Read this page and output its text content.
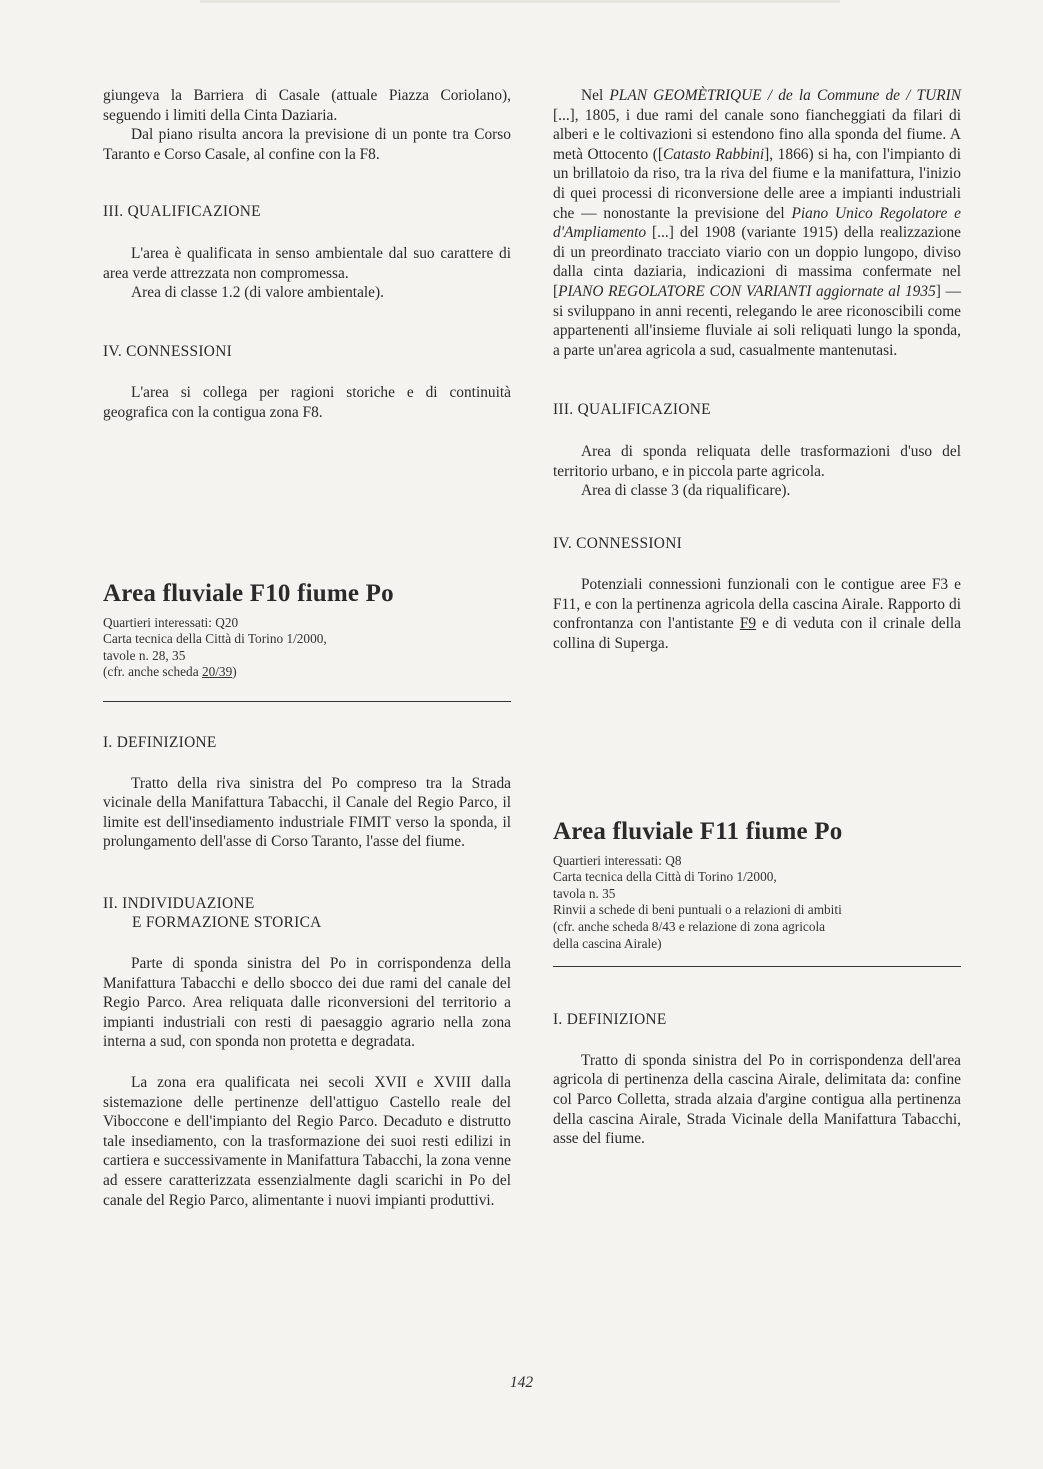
giungeva la Barriera di Casale (attuale Piazza Coriolano), seguendo i limiti della Cinta Daziaria.

Dal piano risulta ancora la previsione di un ponte tra Corso Taranto e Corso Casale, al confine con la F8.

III. QUALIFICAZIONE

L'area è qualificata in senso ambientale dal suo carattere di area verde attrezzata non compromessa.

Area di classe 1.2 (di valore ambientale).

IV. CONNESSIONI

L'area si collega per ragioni storiche e di continuità geografica con la contigua zona F8.

Area fluviale F10 fiume Po
Quartieri interessati: Q20
Carta tecnica della Città di Torino 1/2000,
tavole n. 28, 35
(cfr. anche scheda 20/39)
I. DEFINIZIONE

Tratto della riva sinistra del Po compreso tra la Strada vicinale della Manifattura Tabacchi, il Canale del Regio Parco, il limite est dell'insediamento industriale FIMIT verso la sponda, il prolungamento dell'asse di Corso Taranto, l'asse del fiume.

II. INDIVIDUAZIONE
E FORMAZIONE STORICA

Parte di sponda sinistra del Po in corrispondenza della Manifattura Tabacchi e dello sbocco dei due rami del canale del Regio Parco. Area reliquata dalle riconversioni del territorio a impianti industriali con resti di paesaggio agrario nella zona interna a sud, con sponda non protetta e degradata.

La zona era qualificata nei secoli XVII e XVIII dalla sistemazione delle pertinenze dell'attiguo Castello reale del Viboccone e dell'impianto del Regio Parco. Decaduto e distrutto tale insediamento, con la trasformazione dei suoi resti edilizi in cartiera e successivamente in Manifattura Tabacchi, la zona venne ad essere caratterizzata essenzialmente dagli scarichi in Po del canale del Regio Parco, alimentante i nuovi impianti produttivi.

Nel PLAN GEOMÈTRIQUE / de la Commune de / TURIN [...], 1805, i due rami del canale sono fiancheggiati da filari di alberi e le coltivazioni si estendono fino alla sponda del fiume. A metà Ottocento ([Catasto Rabbini], 1866) si ha, con l'impianto di un brillatoio da riso, tra la riva del fiume e la manifattura, l'inizio di quei processi di riconversione delle aree a impianti industriali che — nonostante la previsione del Piano Unico Regolatore e d'Ampliamento [...] del 1908 (variante 1915) della realizzazione di un preordinato tracciato viario con un doppio lungopo, diviso dalla cinta daziaria, indicazioni di massima confermate nel [PIANO REGOLATORE CON VARIANTI aggiornate al 1935] — si sviluppano in anni recenti, relegando le aree riconoscibili come appartenenti all'insieme fluviale ai soli reliquati lungo la sponda, a parte un'area agricola a sud, casualmente mantenutasi.

III. QUALIFICAZIONE

Area di sponda reliquata delle trasformazioni d'uso del territorio urbano, e in piccola parte agricola.

Area di classe 3 (da riqualificare).

IV. CONNESSIONI

Potenziali connessioni funzionali con le contigue aree F3 e F11, e con la pertinenza agricola della cascina Airale. Rapporto di confrontanza con l'antistante F9 e di veduta con il crinale della collina di Superga.

Area fluviale F11 fiume Po
Quartieri interessati: Q8
Carta tecnica della Città di Torino 1/2000,
tavola n. 35
Rinvii a schede di beni puntuali o a relazioni di ambiti
(cfr. anche scheda 8/43 e relazione di zona agricola
della cascina Airale)
I. DEFINIZIONE

Tratto di sponda sinistra del Po in corrispondenza dell'area agricola di pertinenza della cascina Airale, delimitata da: confine col Parco Colletta, strada alzaia d'argine contigua alla pertinenza della cascina Airale, Strada Vicinale della Manifattura Tabacchi, asse del fiume.

142
